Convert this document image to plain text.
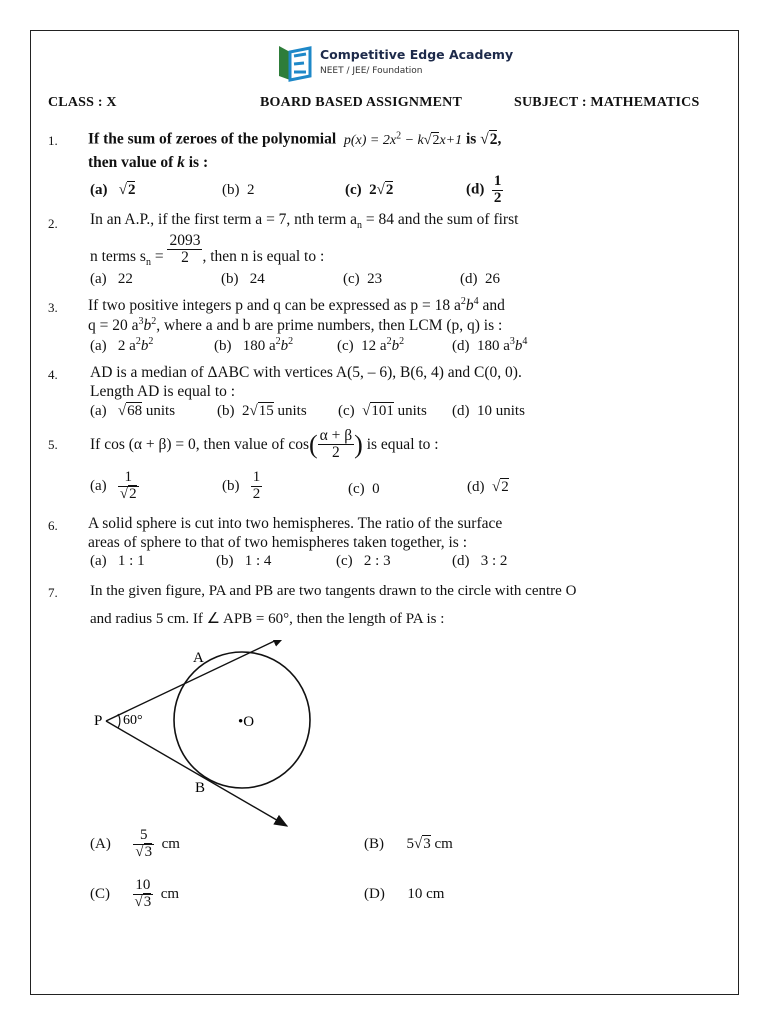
Competitive Edge Academy
NEET / JEE/ Foundation
CLASS : X	BOARD BASED ASSIGNMENT	SUBJECT : MATHEMATICS
1. If the sum of zeroes of the polynomial $p(x) = 2x^2 - k√2x+1$ is √2,
then value of k is :
(a)   √2	(b) 2	(c) 2√2	$(d) \frac{1}{2}$
2. In an A.P., if the first term a = 7, nth term $a_n = 84$ and the sum of first
n terms $s_n = \frac{2093}{2}$ , then n is equal to :
(a) 22	(b) 24	(c) 23	(d) 26
3. If two positive integers p and q can be expressed as p = 18 $a^2b^4$ and
q = 20 $a^3b^2$, where a and b are prime numbers, then LCM (p, q) is :
(a) 2 $a^2b^2$	(b) 180 $a^2b^2$	(c) 12 $a^2b^2$	(d) 180 $a^3b^4$
4. AD is a median of ΔABC with vertices A(5, – 6), B(6, 4) and C(0, 0).
Length AD is equal to :
(a)   √68 units	(b) 2√15 units (c)  √101 units (d) 10 units
5. If cos (α + β) = 0, then value of $\cos( \frac{\alpha + \beta}{2}$ ) is equal to :
$(a) \frac{1}{√2}$	$(b) \frac{1}{2}$	(c) 0	(d)  √2
6. A solid sphere is cut into two hemispheres. The ratio of the surface
areas of sphere to that of two hemispheres taken together, is :
(a) 1 : 1	(b) 1 : 4	(c) 2 : 3	(d) 3 : 2
7. In the given figure, PA and PB are two tangents drawn to the circle with centre O
and radius 5 cm. If ∠ APB = 60°, then the length of PA is :
P 60°
A
B
•O
$(A) \frac{5}{√3}$ cm	(B) 5√3 cm
$(C) \frac{10}{√3}$ cm	(D) 10 cm
